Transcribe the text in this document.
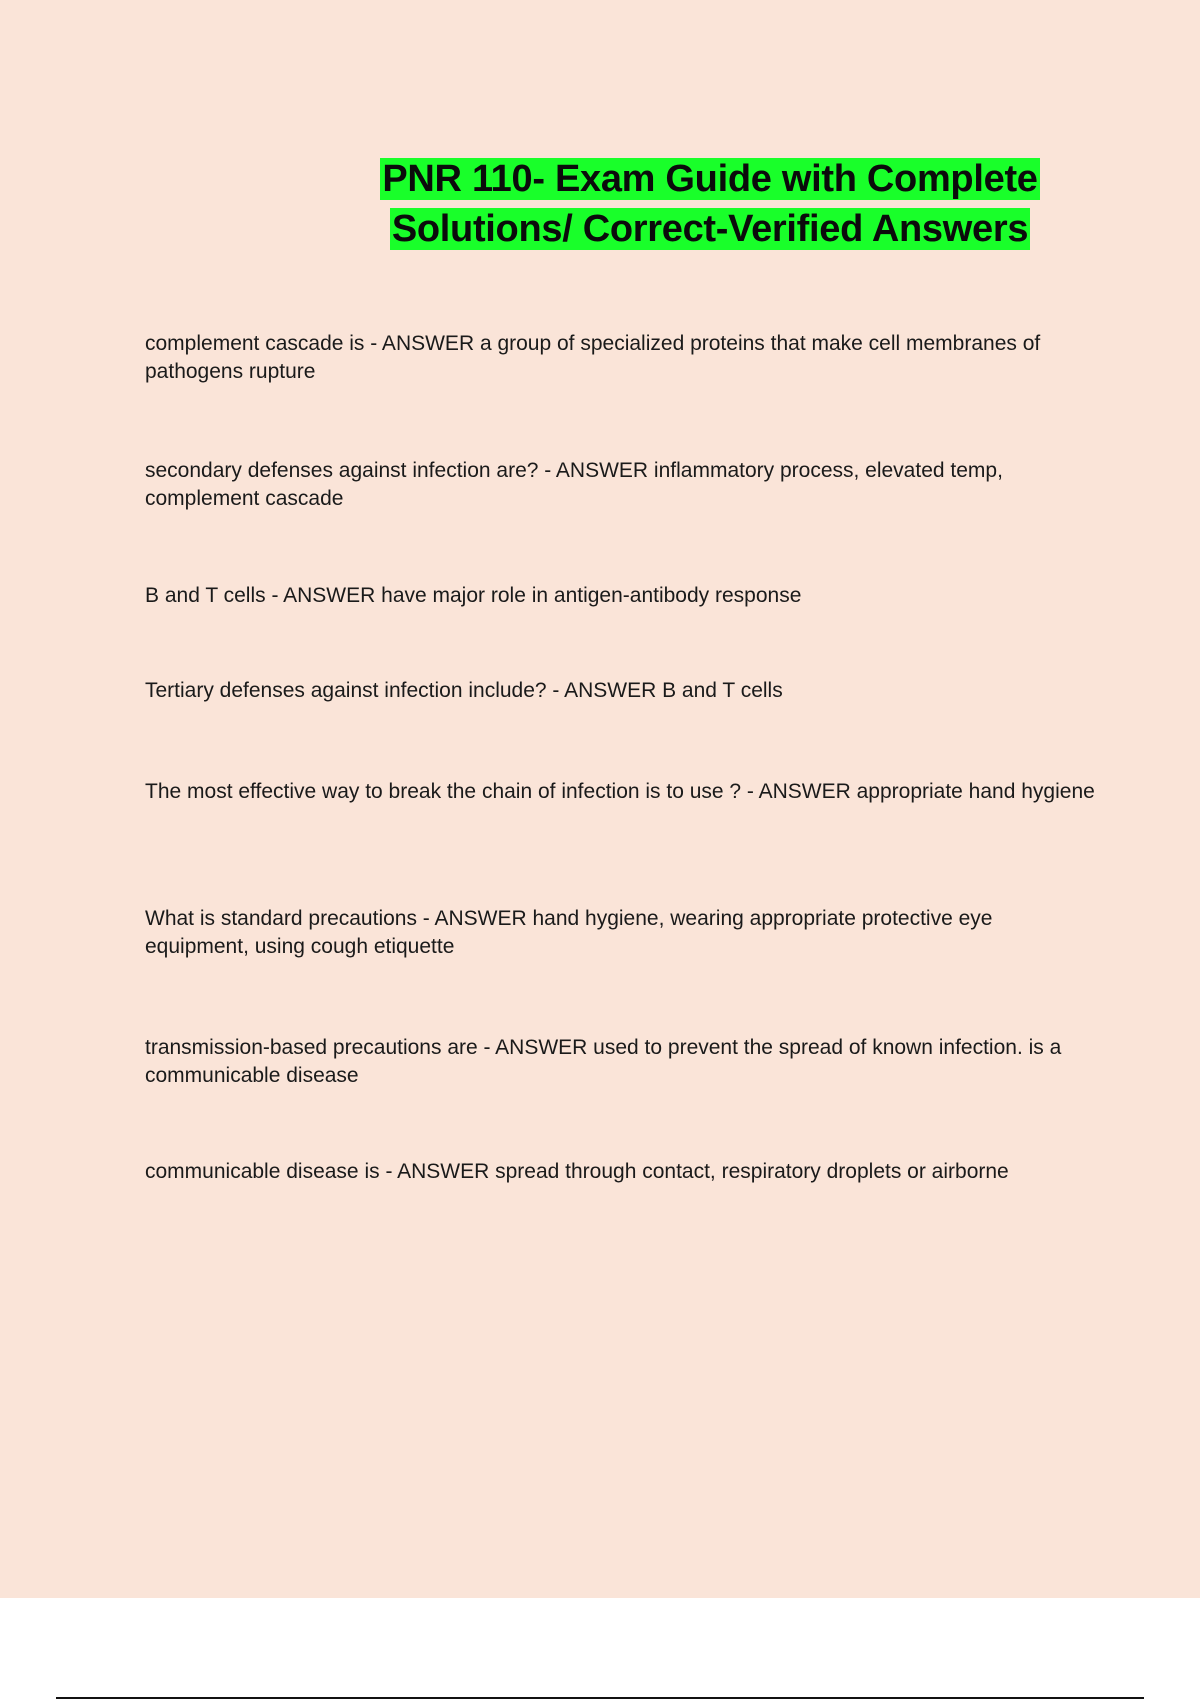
PNR 110- Exam Guide with Complete
Solutions/ Correct-Verified Answers
complement cascade is - ANSWER a group of specialized proteins that make cell membranes of pathogens rupture
secondary defenses against infection are? - ANSWER inflammatory process, elevated temp, complement cascade
B and T cells - ANSWER have major role in antigen-antibody response
Tertiary defenses against infection include? - ANSWER B and T cells
The most effective way to break the chain of infection is to use ? - ANSWER appropriate hand hygiene
What is standard precautions - ANSWER hand hygiene, wearing appropriate protective eye equipment, using cough etiquette
transmission-based precautions are - ANSWER used to prevent the spread of known infection. is a communicable disease
communicable disease is - ANSWER spread through contact, respiratory droplets or airborne
